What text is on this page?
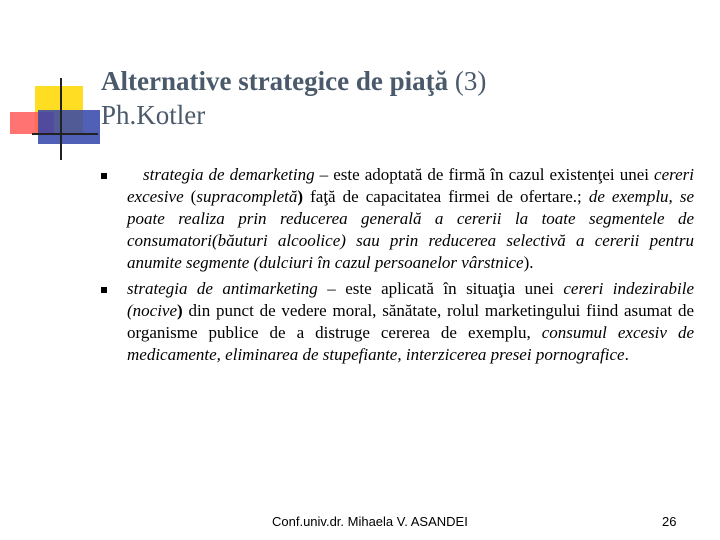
Alternative strategice de piaţă (3)
Ph.Kotler
strategia de demarketing – este adoptată de firmă în cazul existenţei unei cereri excesive (supracompletă) faţă de capacitatea firmei de ofertare.; de exemplu, se poate realiza prin reducerea generală a cererii la toate segmentele de consumatori(băuturi alcoolice) sau prin reducerea selectivă a cererii pentru anumite segmente (dulciuri în cazul persoanelor vârstnice).
strategia de antimarketing – este aplicată în situaţia unei cereri indezirabile (nocive) din punct de vedere moral, sănătate, rolul marketingului fiind asumat de organisme publice de a distruge cererea de exemplu, consumul excesiv de medicamente, eliminarea de stupefiante, interzicerea presei pornografice.
Conf.univ.dr. Mihaela V. ASANDEI	26
